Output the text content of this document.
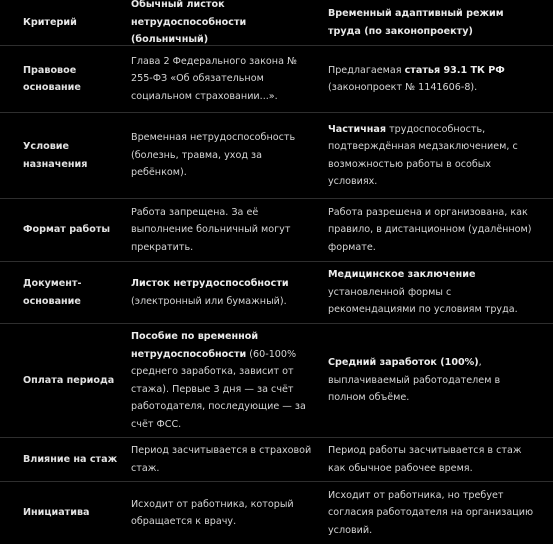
Критерий
Обычный листок нетрудоспособности (больничный)
Временный адаптивный режим труда (по законопроекту)
Правовое основание
Глава 2 Федерального закона № 255-ФЗ «Об обязательном социальном страховании...».
Предлагаемая статья 93.1 ТК РФ (законопроект № 1141606-8).
Условие назначения
Временная нетрудоспособность (болезнь, травма, уход за ребёнком).
Частичная трудоспособность, подтверждённая медзаключением, с возможностью работы в особых условиях.
Формат работы
Работа запрещена. За её выполнение больничный могут прекратить.
Работа разрешена и организована, как правило, в дистанционном (удалённом) формате.
Документ-основание
Листок нетрудоспособности (электронный или бумажный).
Медицинское заключение установленной формы с рекомендациями по условиям труда.
Оплата периода
Пособие по временной нетрудоспособности (60-100% среднего заработка, зависит от стажа). Первые 3 дня — за счёт работодателя, последующие — за счёт ФСС.
Средний заработок (100%), выплачиваемый работодателем в полном объёме.
Влияние на стаж
Период засчитывается в страховой стаж.
Период работы засчитывается в стаж как обычное рабочее время.
Инициатива
Исходит от работника, который обращается к врачу.
Исходит от работника, но требует согласия работодателя на организацию условий.
